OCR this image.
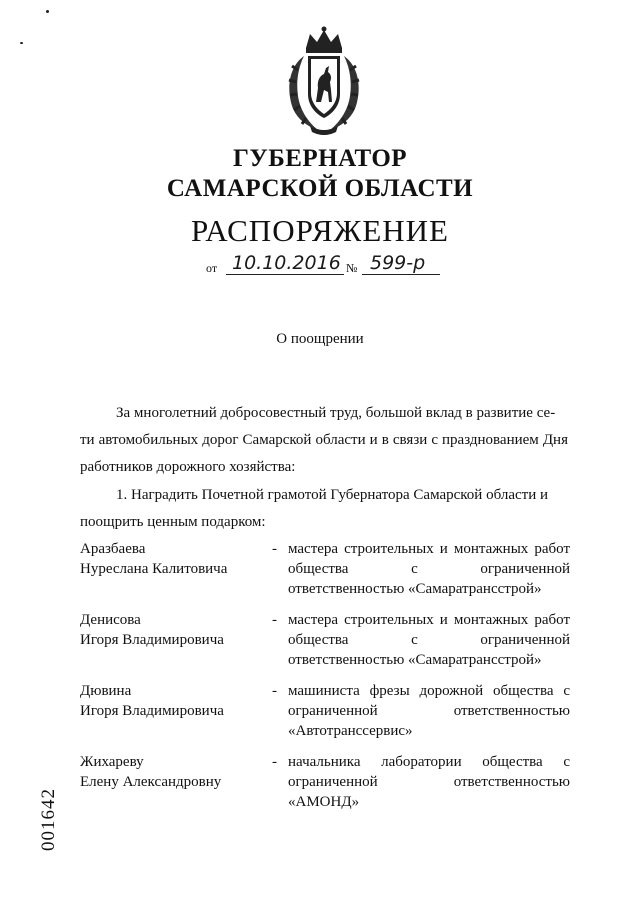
ГУБЕРНАТОР
САМАРСКОЙ ОБЛАСТИ
РАСПОРЯЖЕНИЕ
от 10.10.2016 № 599-р
О поощрении
За многолетний добросовестный труд, большой вклад в развитие се-
ти автомобильных дорог Самарской области и в связи с празднованием Дня работников дорожного хозяйства:
1. Наградить Почетной грамотой Губернатора Самарской области и
поощрить ценным подарком:
Аразбаева
Нуреслана Калитовича
- мастера строительных и монтажных работ общества с ограниченной ответственностью «Самаратрансстрой»
Денисова
Игоря Владимировича
- мастера строительных и монтажных работ общества с ограниченной ответственностью «Самаратрансстрой»
Дювина
Игоря Владимировича
- машиниста фрезы дорожной общества с ограниченной ответственностью «Автотранссервис»
Жихареву
Елену Александровну
- начальника лаборатории общества с ограниченной ответственностью «АМОНД»
001642
